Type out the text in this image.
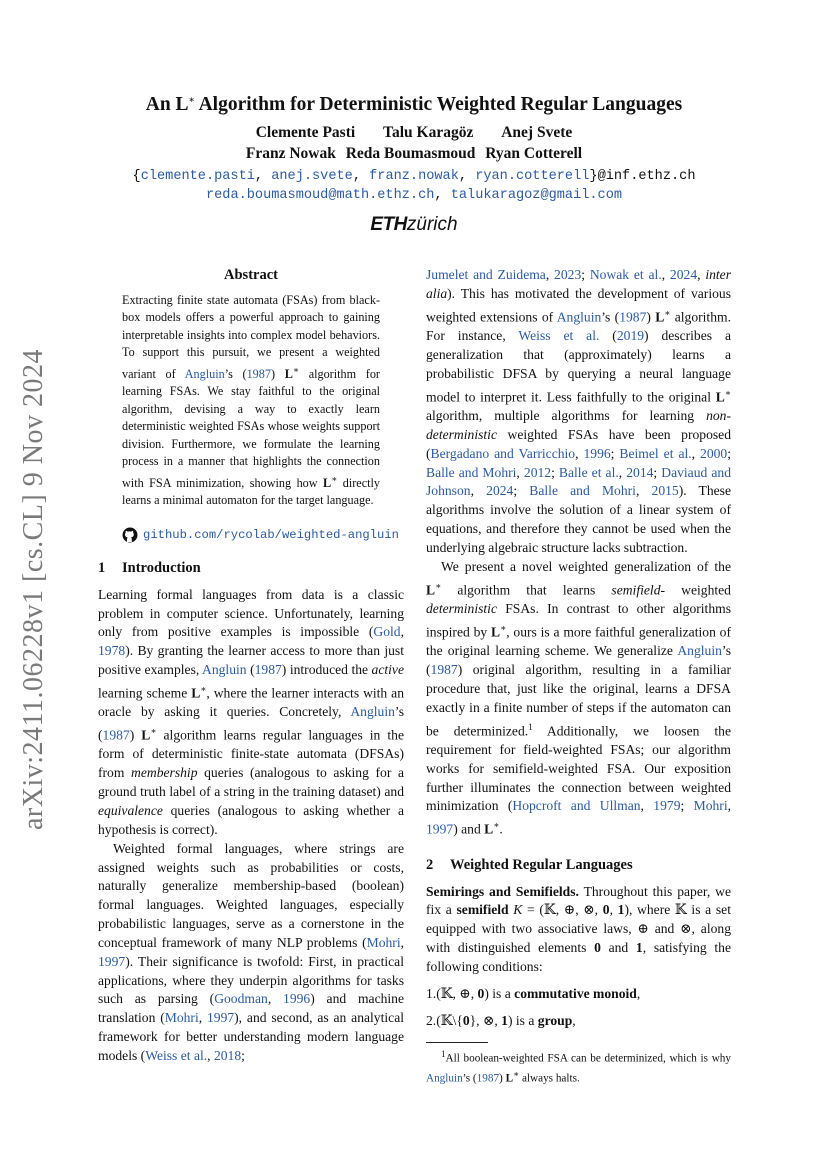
arXiv:2411.06228v1 [cs.CL] 9 Nov 2024
An L∗ Algorithm for Deterministic Weighted Regular Languages
Clemente Pasti Talu Karagöz Anej Svete
Franz Nowak Reda Boumasmoud Ryan Cotterell
{clemente.pasti, anej.svete, franz.nowak, ryan.cotterell}@inf.ethz.ch
reda.boumasmoud@math.ethz.ch, talukaragoz@gmail.com
ETHzürich
Abstract
Extracting finite state automata (FSAs) from black-box models offers a powerful approach to gaining interpretable insights into complex model behaviors. To support this pursuit, we present a weighted variant of Angluin’s (1987) L∗ algorithm for learning FSAs. We stay faithful to the original algorithm, devising a way to exactly learn deterministic weighted FSAs whose weights support division. Furthermore, we formulate the learning process in a manner that highlights the connection with FSA minimization, showing how L∗ directly learns a minimal automaton for the target language.
github.com/rycolab/weighted-angluin
1 Introduction

Learning formal languages from data is a classic problem in computer science. Unfortunately, learning only from positive examples is impossible (Gold, 1978). By granting the learner access to more than just positive examples, Angluin (1987) introduced the active learning scheme L∗, where the learner interacts with an oracle by asking it queries. Concretely, Angluin’s (1987) L∗ algorithm learns regular languages in the form of deterministic finite-state automata (DFSAs) from membership queries (analogous to asking for a ground truth label of a string in the training dataset) and equivalence queries (analogous to asking whether a hypothesis is correct).

Weighted formal languages, where strings are assigned weights such as probabilities or costs, naturally generalize membership-based (boolean) formal languages. Weighted languages, especially probabilistic languages, serve as a cornerstone in the conceptual framework of many NLP problems (Mohri, 1997). Their significance is twofold: First, in practical applications, where they underpin algorithms for tasks such as parsing (Goodman, 1996) and machine translation (Mohri, 1997), and second, as an analytical framework for better understanding modern language models (Weiss et al., 2018;

Jumelet and Zuidema, 2023; Nowak et al., 2024, inter alia). This has motivated the development of various weighted extensions of Angluin’s (1987) L∗ algorithm. For instance, Weiss et al. (2019) describes a generalization that (approximately) learns a probabilistic DFSA by querying a neural language model to interpret it. Less faithfully to the original L∗ algorithm, multiple algorithms for learning non-deterministic weighted FSAs have been proposed (Bergadano and Varricchio, 1996; Beimel et al., 2000; Balle and Mohri, 2012; Balle et al., 2014; Daviaud and Johnson, 2024; Balle and Mohri, 2015). These algorithms involve the solution of a linear system of equations, and therefore they cannot be used when the underlying algebraic structure lacks subtraction.

We present a novel weighted generalization of the L∗ algorithm that learns semifield- weighted deterministic FSAs. In contrast to other algorithms inspired by L∗, ours is a more faithful generalization of the original learning scheme. We generalize Angluin’s (1987) original algorithm, resulting in a familiar procedure that, just like the original, learns a DFSA exactly in a finite number of steps if the automaton can be determinized.$^1$ Additionally, we loosen the requirement for field-weighted FSAs; our algorithm works for semifield-weighted FSA. Our exposition further illuminates the connection between weighted minimization (Hopcroft and Ullman, 1979; Mohri, 1997) and L∗.

2 Weighted Regular Languages

Semirings and Semifields. Throughout this paper, we fix a semifield K = (𝕂, ⊕, ⊗, 0, 1), where 𝕂 is a set equipped with two associative laws, ⊕ and ⊗, along with distinguished elements 0 and 1, satisfying the following conditions:

1.(𝕂, ⊕, 0) is a commutative monoid,
2.(𝕂\{0}, ⊗, 1) is a group,
$^1$All boolean-weighted FSA can be determinized, which is why Angluin’s (1987) L∗ always halts.
